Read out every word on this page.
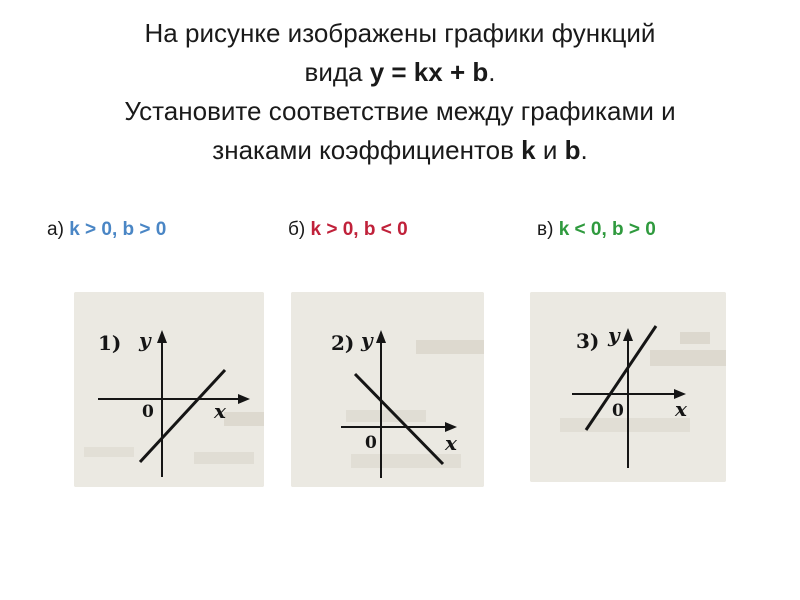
На рисунке изображены графики функций
вида y = kx + b.
Установите соответствие между графиками и
знаками коэффициентов k и b.
а) k > 0, b > 0	б) k > 0, b < 0	в) k < 0, b > 0
1) y
x
0
2) y
x
0
3) y
x
0
